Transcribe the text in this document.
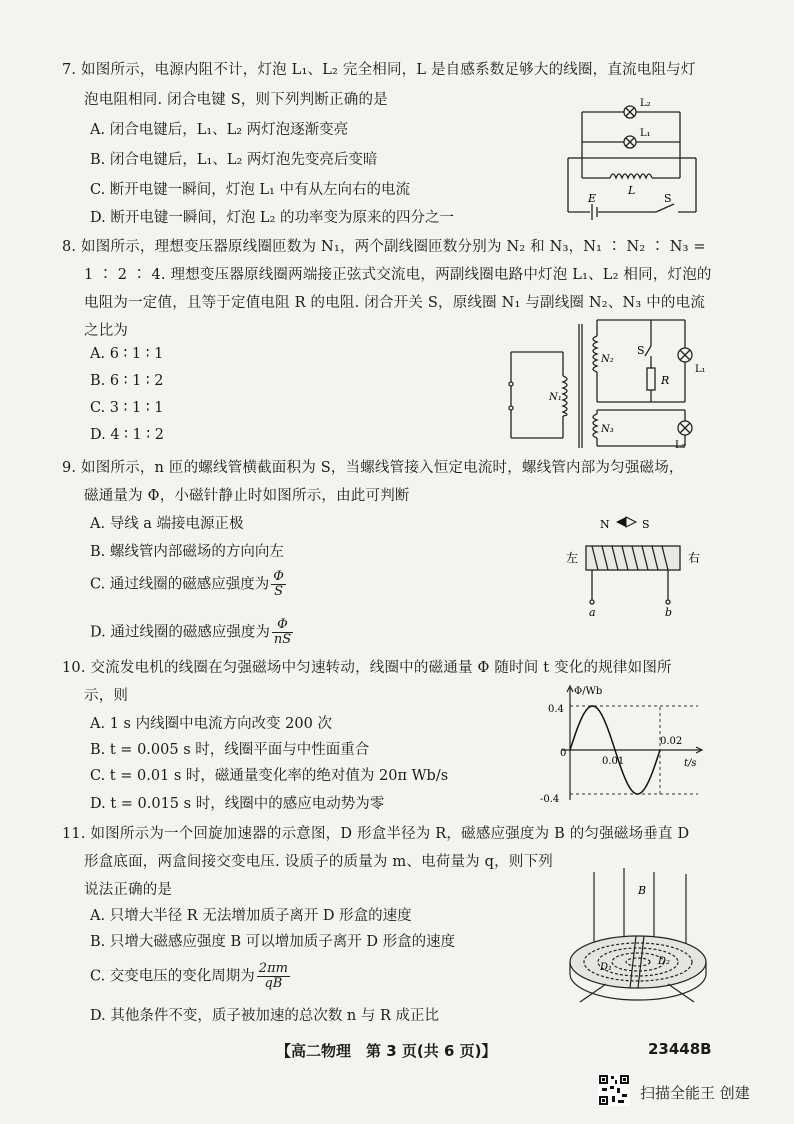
7. 如图所示，电源内阻不计，灯泡 L₁、L₂ 完全相同，L 是自感系数足够大的线圈，直流电阻与灯
泡电阻相同. 闭合电键 S，则下列判断正确的是
A. 闭合电键后，L₁、L₂ 两灯泡逐渐变亮
B. 闭合电键后，L₁、L₂ 两灯泡先变亮后变暗
C. 断开电键一瞬间，灯泡 L₁ 中有从左向右的电流
D. 断开电键一瞬间，灯泡 L₂ 的功率变为原来的四分之一
L₂
L₁
L
E	S
8. 如图所示，理想变压器原线圈匝数为 N₁，两个副线圈匝数分别为 N₂ 和 N₃，N₁ ∶ N₂ ∶ N₃ =
1 ∶ 2 ∶ 4. 理想变压器原线圈两端接正弦式交流电，两副线圈电路中灯泡 L₁、L₂ 相同，灯泡的
电阻为一定值，且等于定值电阻 R 的电阻. 闭合开关 S，原线圈 N₁ 与副线圈 N₂、N₃ 中的电流
之比为
A. 6 ∶ 1 ∶ 1
B. 6 ∶ 1 ∶ 2
C. 3 ∶ 1 ∶ 1
D. 4 ∶ 1 ∶ 2
N₁
N₂
N₃
S
R
L₁
L₂
9. 如图所示，n 匝的螺线管横截面积为 S，当螺线管接入恒定电流时，螺线管内部为匀强磁场，
磁通量为 Φ，小磁针静止时如图所示，由此可判断
A. 导线 a 端接电源正极
B. 螺线管内部磁场的方向向左
C. 通过线圈的磁感应强度为 $\frac{\Phi}{S}$
D. 通过线圈的磁感应强度为 $\frac{\Phi}{nS}$
N	S
左	右
a	b
10. 交流发电机的线圈在匀强磁场中匀速转动，线圈中的磁通量 Φ 随时间 t 变化的规律如图所
示，则
A. 1 s 内线圈中电流方向改变 200 次
B. t = 0.005 s 时，线圈平面与中性面重合
C. t = 0.01 s 时，磁通量变化率的绝对值为 20π Wb/s
D. t = 0.015 s 时，线圈中的感应电动势为零
Φ/Wb
t/s
0.4
-0.4
0
0.01
0.02
11. 如图所示为一个回旋加速器的示意图，D 形盒半径为 R，磁感应强度为 B 的匀强磁场垂直 D
形盒底面，两盒间接交变电压. 设质子的质量为 m、电荷量为 q，则下列
说法正确的是
A. 只增大半径 R 无法增加质子离开 D 形盒的速度
B. 只增大磁感应强度 B 可以增加质子离开 D 形盒的速度
C. 交变电压的变化周期为 $\frac{2\pi m}{qB}$
D. 其他条件不变，质子被加速的总次数 n 与 R 成正比
B
D₁
D₂
【高二物理　第 3 页(共 6 页)】	23448B
扫描全能王 创建
